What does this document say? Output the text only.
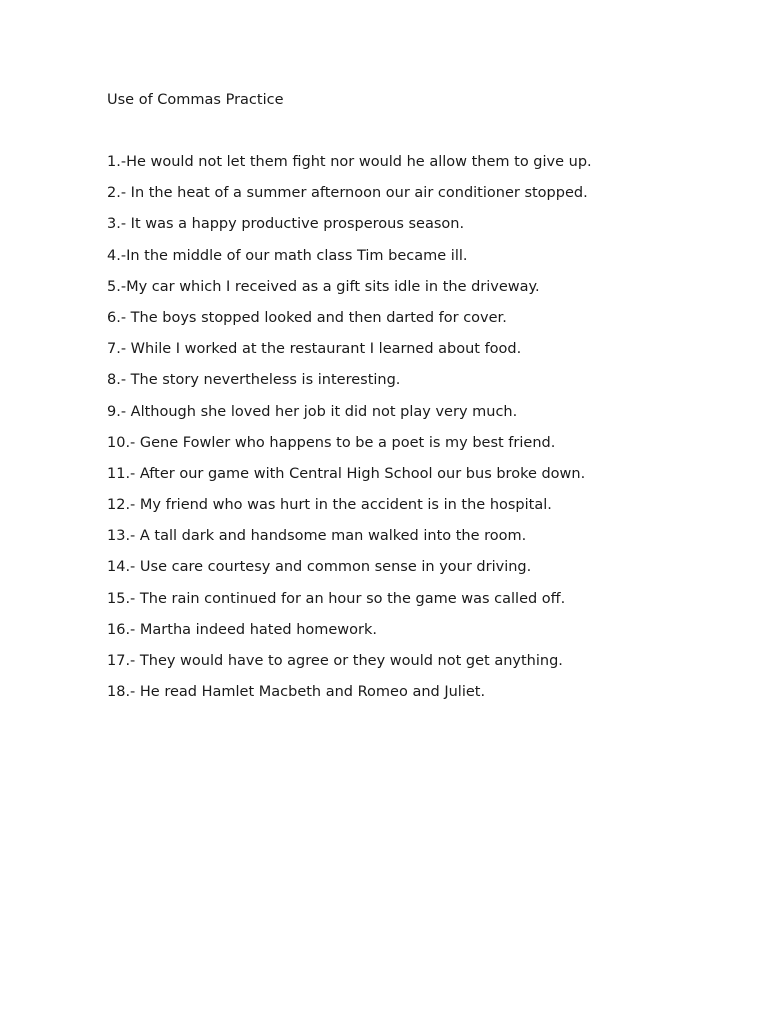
Use of Commas Practice
1.-He would not let them fight nor would he allow them to give up.
2.- In the heat of a summer afternoon our air conditioner stopped.
3.- It was a happy productive prosperous season.
4.-In the middle of our math class Tim became ill.
5.-My car which I received as a gift sits idle in the driveway.
6.- The boys stopped looked and then darted for cover.
7.- While I worked at the restaurant I learned about food.
8.- The story nevertheless is interesting.
9.- Although she loved her job it did not play very much.
10.- Gene Fowler who happens to be a poet is my best friend.
11.- After our game with Central High School our bus broke down.
12.- My friend who was hurt in the accident is in the hospital.
13.- A tall dark and handsome man walked into the room.
14.- Use care courtesy and common sense in your driving.
15.- The rain continued for an hour so the game was called off.
16.- Martha indeed hated homework.
17.- They would have to agree or they would not get anything.
18.- He read Hamlet Macbeth and Romeo and Juliet.
